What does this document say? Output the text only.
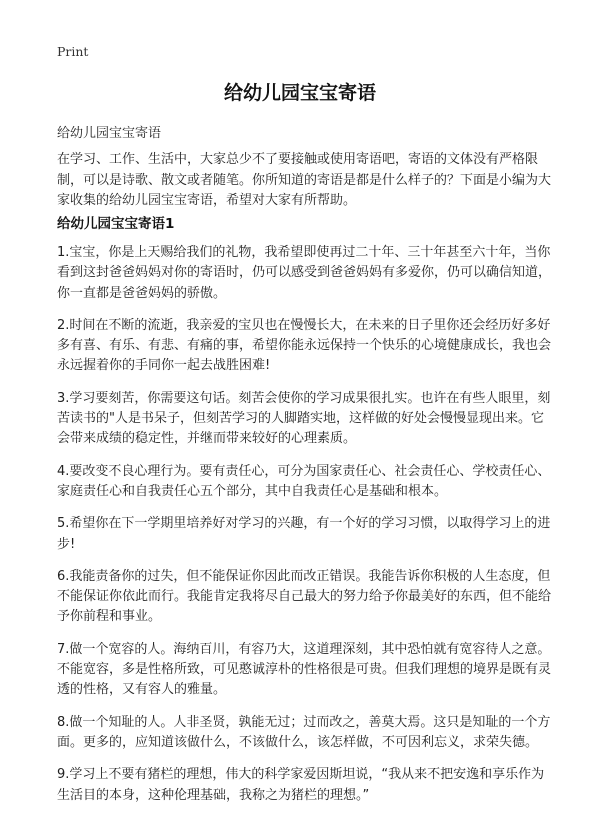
Print
给幼儿园宝宝寄语
给幼儿园宝宝寄语

在学习、工作、生活中，大家总少不了要接触或使用寄语吧，寄语的文体没有严格限制，可以是诗歌、散文或者随笔。你所知道的寄语是都是什么样子的？下面是小编为大家收集的给幼儿园宝宝寄语，希望对大家有所帮助。

给幼儿园宝宝寄语1
1.宝宝，你是上天赐给我们的礼物，我希望即使再过二十年、三十年甚至六十年，当你看到这封爸爸妈妈对你的寄语时，仍可以感受到爸爸妈妈有多爱你，仍可以确信知道，你一直都是爸爸妈妈的骄傲。
2.时间在不断的流逝，我亲爱的宝贝也在慢慢长大，在未来的日子里你还会经历好多好多有喜、有乐、有悲、有痛的事，希望你能永远保持一个快乐的心境健康成长，我也会永远握着你的手同你一起去战胜困难!
3.学习要刻苦，你需要这句话。刻苦会使你的学习成果很扎实。也许在有些人眼里，刻苦读书的"人是书呆子，但刻苦学习的人脚踏实地，这样做的好处会慢慢显现出来。它会带来成绩的稳定性，并继而带来较好的心理素质。
4.要改变不良心理行为。要有责任心，可分为国家责任心、社会责任心、学校责任心、家庭责任心和自我责任心五个部分，其中自我责任心是基础和根本。
5.希望你在下一学期里培养好对学习的兴趣，有一个好的学习习惯，以取得学习上的进步!
6.我能责备你的过失，但不能保证你因此而改正错误。我能告诉你积极的人生态度，但不能保证你依此而行。我能肯定我将尽自己最大的努力给予你最美好的东西，但不能给予你前程和事业。
7.做一个宽容的人。海纳百川，有容乃大，这道理深刻，其中恐怕就有宽容待人之意。不能宽容，多是性格所致，可见憨诚淳朴的性格很是可贵。但我们理想的境界是既有灵透的性格，又有容人的雅量。
8.做一个知耻的人。人非圣贤，孰能无过；过而改之，善莫大焉。这只是知耻的一个方面。更多的，应知道该做什么，不该做什么，该怎样做，不可因利忘义，求荣失德。
9.学习上不要有猪栏的理想，伟大的科学家爱因斯坦说，“我从来不把安逸和享乐作为生活目的本身，这种伦理基础，我称之为猪栏的理想。”
